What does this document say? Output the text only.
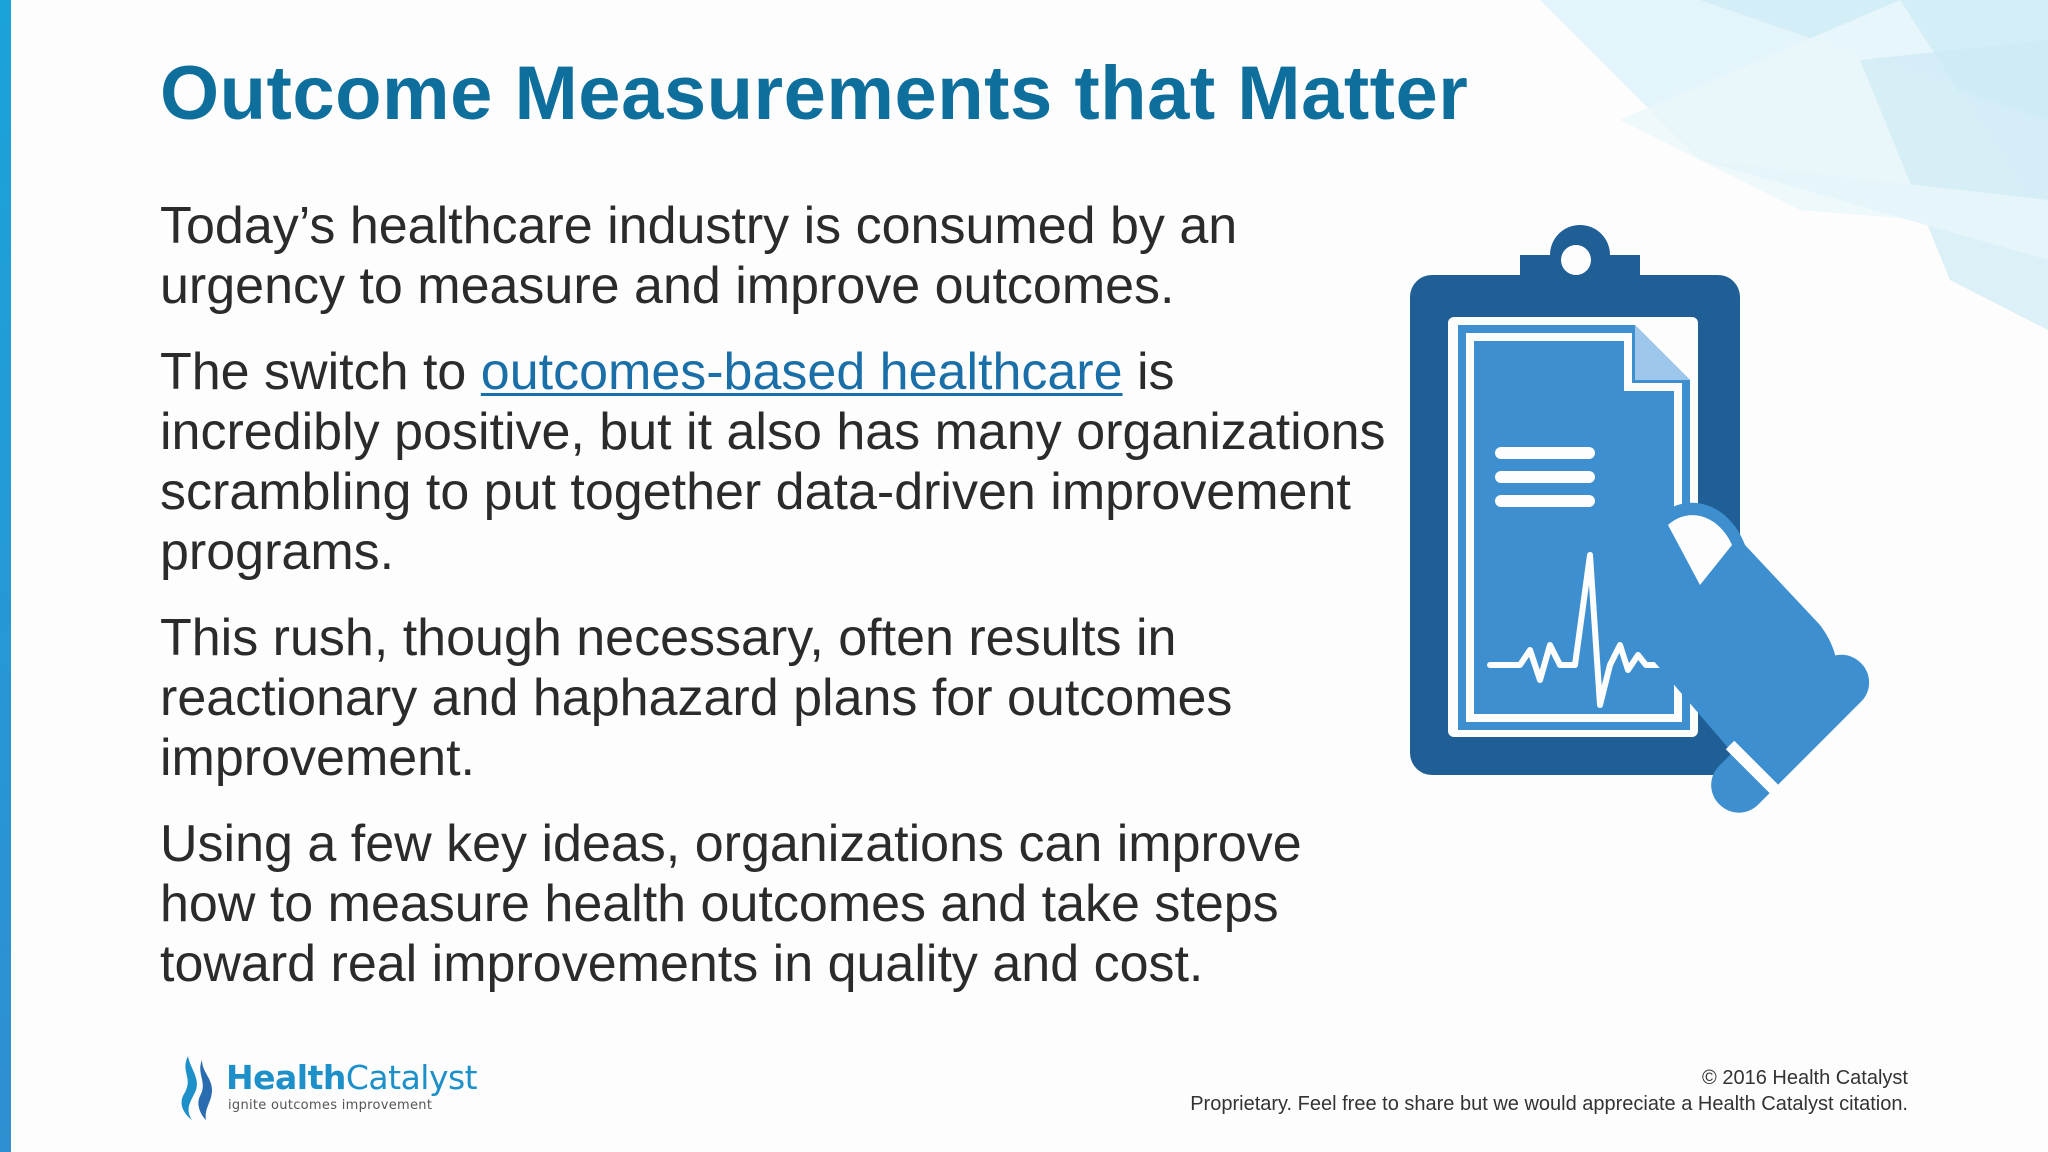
Outcome Measurements that Matter

Today’s healthcare industry is consumed by an urgency to measure and improve outcomes.

The switch to outcomes-based healthcare is incredibly positive, but it also has many organizations scrambling to put together data-driven improvement programs.

This rush, though necessary, often results in reactionary and haphazard plans for outcomes improvement.

Using a few key ideas, organizations can improve how to measure health outcomes and take steps toward real improvements in quality and cost.

HealthCatalyst
ignite outcomes improvement
© 2016 Health Catalyst
Proprietary. Feel free to share but we would appreciate a Health Catalyst citation.
